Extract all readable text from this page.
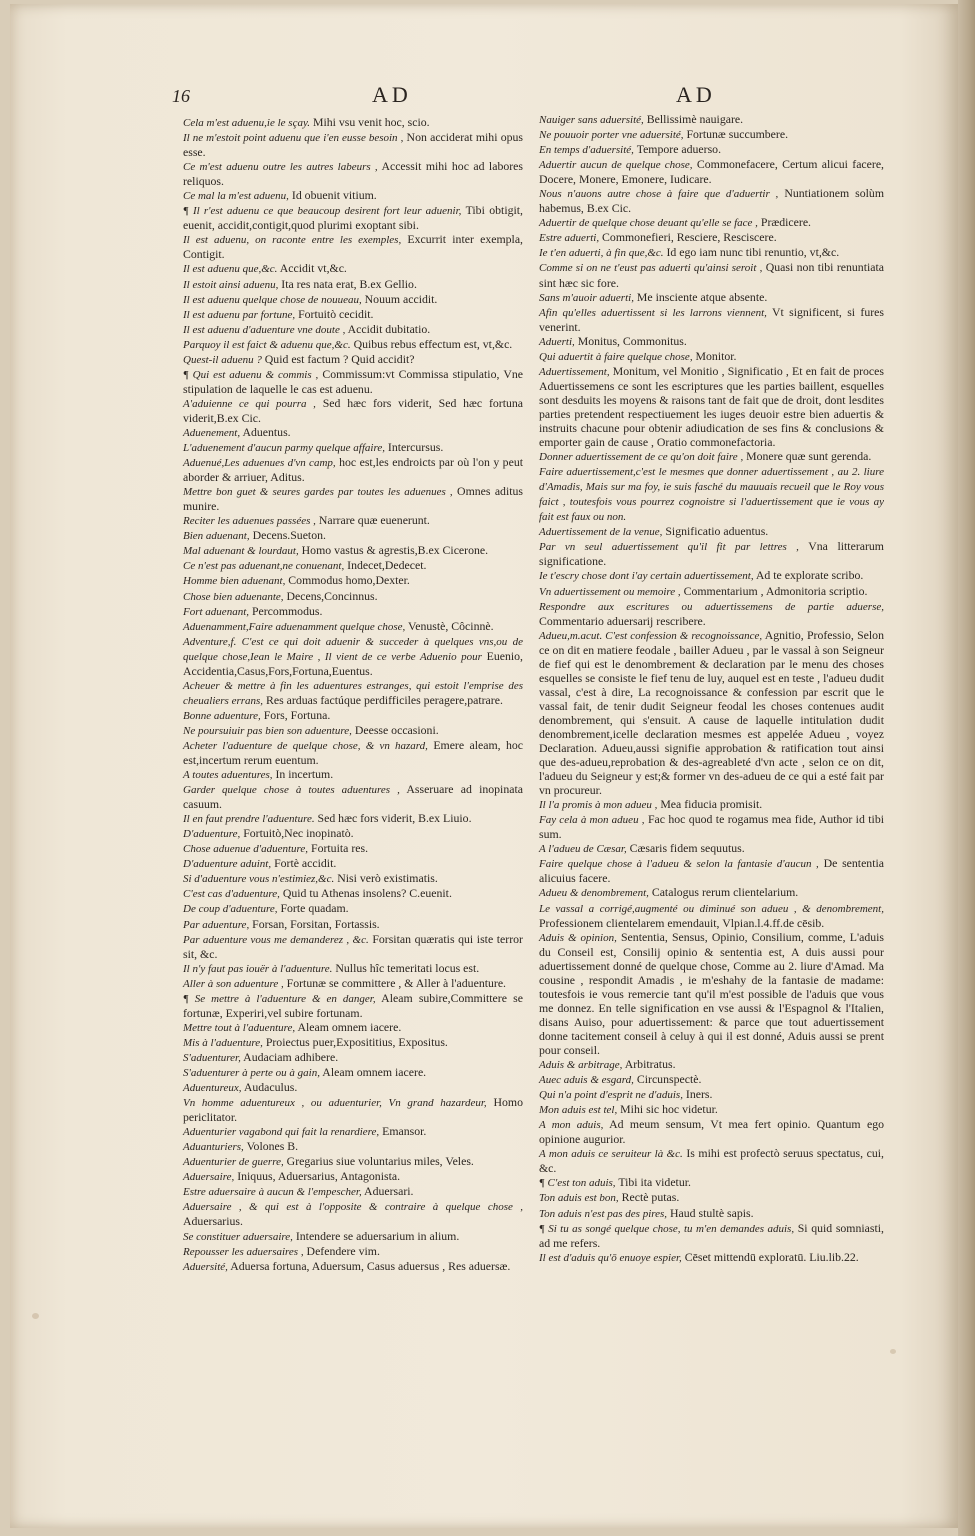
16	AD	AD

Cela m'est aduenu,ie le sçay. Mihi vsu venit hoc, scio.

Il ne m'estoit point aduenu que i'en eusse besoin , Non acciderat mihi opus esse.

Ce m'est aduenu outre les autres labeurs , Accessit mihi hoc ad labores reliquos.

Ce mal la m'est aduenu, Id obuenit vitium.

¶ Il r'est aduenu ce que beaucoup desirent fort leur aduenir, Tibi obtigit, euenit, accidit,contigit,quod plurimi exoptant sibi.

Il est aduenu, on raconte entre les exemples, Excurrit inter exempla, Contigit.

Il est aduenu que,&c. Accidit vt,&c.

Il estoit ainsi aduenu, Ita res nata erat, B.ex Gellio.

Il est aduenu quelque chose de nouueau, Nouum accidit.

Il est aduenu par fortune, Fortuitò cecidit.

Il est aduenu d'aduenture vne doute , Accidit dubitatio.

Parquoy il est faict & aduenu que,&c. Quibus rebus effectum est, vt,&c.

Quest-il aduenu ? Quid est factum ? Quid accidit?

¶ Qui est aduenu & commis , Commissum:vt Commissa stipulatio, Vne stipulation de laquelle le cas est aduenu.

A'aduienne ce qui pourra , Sed hæc fors viderit, Sed hæc fortuna viderit,B.ex Cic.

Aduenement, Aduentus.

L'aduenement d'aucun parmy quelque affaire, Intercursus.

Aduenué,Les aduenues d'vn camp, hoc est,les endroicts par où l'on y peut aborder & arriuer, Aditus.

Mettre bon guet & seures gardes par toutes les aduenues , Omnes aditus munire.

Reciter les aduenues passées , Narrare quæ euenerunt.

Bien aduenant, Decens.Sueton.

Mal aduenant & lourdaut, Homo vastus & agrestis,B.ex Cicerone.

Ce n'est pas aduenant,ne conuenant, Indecet,Dedecet.

Homme bien aduenant, Commodus homo,Dexter.

Chose bien aduenante, Decens,Concinnus.

Fort aduenant, Percommodus.

Aduenamment,Faire aduenamment quelque chose, Venustè, Côcinnè.

Adventure,f. C'est ce qui doit aduenir & succeder à quelques vns,ou de quelque chose,Iean le Maire , Il vient de ce verbe Aduenio pour Euenio, Accidentia,Casus,Fors,Fortuna,Euentus.

Acheuer & mettre à fin les aduentures estranges, qui estoit l'emprise des cheualiers errans, Res arduas factúque perdifficiles peragere,patrare.

Bonne aduenture, Fors, Fortuna.

Ne poursuiuir pas bien son aduenture, Deesse occasioni.

Acheter l'aduenture de quelque chose, & vn hazard, Emere aleam, hoc est,incertum rerum euentum.

A toutes aduentures, In incertum.

Garder quelque chose à toutes aduentures , Asseruare ad inopinata casuum.

Il en faut prendre l'aduenture. Sed hæc fors viderit, B.ex Liuio.

D'aduenture, Fortuitò,Nec inopinatò.

Chose aduenue d'aduenture, Fortuita res.

D'aduenture aduint, Fortè accidit.

Si d'aduenture vous n'estimiez,&c. Nisi verò existimatis.

C'est cas d'aduenture, Quid tu Athenas insolens? C.euenit.

De coup d'aduenture, Forte quadam.

Par aduenture, Forsan, Forsitan, Fortassis.

Par aduenture vous me demanderez , &c. Forsitan quæratis qui iste terror sit, &c.

Il n'y faut pas iouër à l'aduenture. Nullus hîc temeritati locus est.

Aller à son aduenture , Fortunæ se committere , & Aller à l'aduenture.

¶ Se mettre à l'aduenture & en danger, Aleam subire,Committere se fortunæ, Experiri,vel subire fortunam.

Mettre tout à l'aduenture, Aleam omnem iacere.

Mis à l'aduenture, Proiectus puer,Exposititius, Expositus.

S'aduenturer, Audaciam adhibere.

S'aduenturer à perte ou à gain, Aleam omnem iacere.

Aduentureux, Audaculus.

Vn homme aduentureux , ou aduenturier, Vn grand hazardeur, Homo periclitator.

Aduenturier vagabond qui fait la renardiere, Emansor.

Aduanturiers, Volones B.

Aduenturier de guerre, Gregarius siue voluntarius miles, Veles.

Aduersaire, Iniquus, Aduersarius, Antagonista.

Estre aduersaire à aucun & l'empescher, Aduersari.

Aduersaire , & qui est à l'opposite & contraire à quelque chose , Aduersarius.

Se constituer aduersaire, Intendere se aduersarium in alium.

Repousser les aduersaires , Defendere vim.

Aduersité, Aduersa fortuna, Aduersum, Casus aduersus , Res aduersæ.

Nauiger sans aduersité, Bellissimè nauigare.

Ne pouuoir porter vne aduersité, Fortunæ succumbere.

En temps d'aduersité, Tempore aduerso.

Aduertir aucun de quelque chose, Commonefacere, Certum alicui facere, Docere, Monere, Emonere, Iudicare.

Nous n'auons autre chose à faire que d'aduertir , Nuntiationem solùm habemus, B.ex Cic.

Aduertir de quelque chose deuant qu'elle se face , Prædicere.

Estre aduerti, Commonefieri, Resciere, Resciscere.

Ie t'en aduerti, à fin que,&c. Id ego iam nunc tibi renuntio, vt,&c.

Comme si on ne t'eust pas aduerti qu'ainsi seroit , Quasi non tibi renuntiata sint hæc sic fore.

Sans m'auoir aduerti, Me insciente atque absente.

Afin qu'elles aduertissent si les larrons viennent, Vt significent, si fures venerint.

Aduerti, Monitus, Commonitus.

Qui aduertit à faire quelque chose, Monitor.

Aduertissement, Monitum, vel Monitio , Significatio , Et en fait de proces Aduertissemens ce sont les escriptures que les parties baillent, esquelles sont desduits les moyens & raisons tant de fait que de droit, dont lesdites parties pretendent respectiuement les iuges deuoir estre bien aduertis & instruits chacune pour obtenir adiudication de ses fins & conclusions & emporter gain de cause , Oratio commonefactoria.

Donner aduertissement de ce qu'on doit faire , Monere quæ sunt gerenda.

Faire aduertissement,c'est le mesmes que donner aduertissement , au 2. liure d'Amadis, Mais sur ma foy, ie suis fasché du mauuais recueil que le Roy vous faict , toutesfois vous pourrez cognoistre si l'aduertissement que ie vous ay fait est faux ou non.

Aduertissement de la venue, Significatio aduentus.

Par vn seul aduertissement qu'il fit par lettres , Vna litterarum significatione.

Ie t'escry chose dont i'ay certain aduertissement, Ad te explorate scribo.

Vn aduertissement ou memoire , Commentarium , Admonitoria scriptio.

Respondre aux escritures ou aduertissemens de partie aduerse, Commentario aduersarij rescribere.

Adueu,m.acut. C'est confession & recognoissance, Agnitio, Professio, Selon ce on dit en matiere feodale , bailler Adueu , par le vassal à son Seigneur de fief qui est le denombrement & declaration par le menu des choses esquelles se consiste le fief tenu de luy, auquel est en teste , l'adueu dudit vassal, c'est à dire, La recognoissance & confession par escrit que le vassal fait, de tenir dudit Seigneur feodal les choses contenues audit denombrement, qui s'ensuit. A cause de laquelle intitulation dudit denombrement,icelle declaration mesmes est appelée Adueu , voyez Declaration. Adueu,aussi signifie approbation & ratification tout ainsi que des-adueu,reprobation & des-agreableté d'vn acte , selon ce on dit, l'adueu du Seigneur y est;& former vn des-adueu de ce qui a esté fait par vn procureur.

Il l'a promis à mon adueu , Mea fiducia promisit.

Fay cela à mon adueu , Fac hoc quod te rogamus mea fide, Author id tibi sum.

A l'adueu de Cæsar, Cæsaris fidem sequutus.

Faire quelque chose à l'adueu & selon la fantasie d'aucun , De sententia alicuius facere.

Adueu & denombrement, Catalogus rerum clientelarium.

Le vassal a corrigé,augmenté ou diminué son adueu , & denombrement, Professionem clientelarem emendauit, Vlpian.l.4.ff.de cēsib.

Aduis & opinion, Sententia, Sensus, Opinio, Consilium, comme, L'aduis du Conseil est, Consilij opinio & sententia est, A duis aussi pour aduertissement donné de quelque chose, Comme au 2. liure d'Amad. Ma cousine , respondit Amadis , ie m'eshahy de la fantasie de madame: toutesfois ie vous remercie tant qu'il m'est possible de l'aduis que vous me donnez. En telle signification en vse aussi & l'Espagnol & l'Italien, disans Auiso, pour aduertissement: & parce que tout aduertissement donne tacitement conseil à celuy à qui il est donné, Aduis aussi se prent pour conseil.

Aduis & arbitrage, Arbitratus.

Auec aduis & esgard, Circunspectè.

Qui n'a point d'esprit ne d'aduis, Iners.

Mon aduis est tel, Mihi sic hoc videtur.

A mon aduis, Ad meum sensum, Vt mea fert opinio. Quantum ego opinione augurior.

A mon aduis ce seruiteur là &c. Is mihi est profectò seruus spectatus, cui, &c.

¶ C'est ton aduis, Tibi ita videtur.

Ton aduis est bon, Rectè putas.

Ton aduis n'est pas des pires, Haud stultè sapis.

¶ Si tu as songé quelque chose, tu m'en demandes aduis, Si quid somniasti, ad me refers.

Il est d'aduis qu'ō enuoye espier, Cēset mittendū exploratū. Liu.lib.22.
